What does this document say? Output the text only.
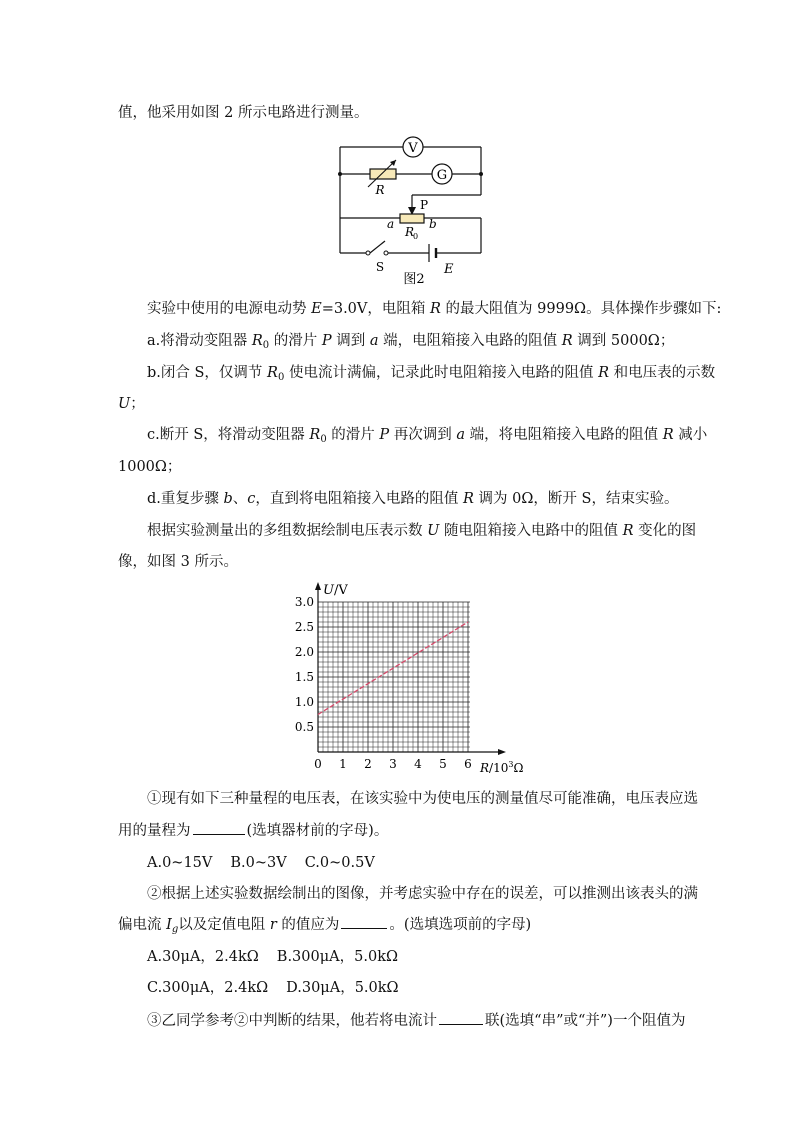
值，他采用如图 2 所示电路进行测量。
V
R
G
P
a	b
R
0
S	E
图2
实验中使用的电源电动势 E=3.0V，电阻箱 R 的最大阻值为 9999Ω。具体操作步骤如下:
a.将滑动变阻器 $R_0$ 的滑片 P 调到 a 端，电阻箱接入电路的阻值 R 调到 5000Ω；
b.闭合 S，仅调节 $R_0$ 使电流计满偏，记录此时电阻箱接入电路的阻值 R 和电压表的示数
U；
c.断开 S，将滑动变阻器 $R_0$ 的滑片 P 再次调到 a 端，将电阻箱接入电路的阻值 R 减小
1000Ω；
d.重复步骤 b、c，直到将电阻箱接入电路的阻值 R 调为 0Ω，断开 S，结束实验。
根据实验测量出的多组数据绘制电压表示数 U 随电阻箱接入电路中的阻值 R 变化的图
像，如图 3 所示。
0 1 2 3 4 5 6
0.5
1.0
1.5
2.0
2.5
3.0
U/V
$R/10^3\Omega$
①现有如下三种量程的电压表，在该实验中为使电压的测量值尽可能准确，电压表应选
用的量程为	(选填器材前的字母)。
A.0~15V B.0~3V C.0~0.5V
②根据上述实验数据绘制出的图像，并考虑实验中存在的误差，可以推测出该表头的满
偏电流 $I_g$以及定值电阻 r 的值应为	。(选填选项前的字母)
A.30μA，2.4kΩ B.300μA，5.0kΩ
C.300μA，2.4kΩ D.30μA，5.0kΩ
③乙同学参考②中判断的结果，他若将电流计	联(选填“串”或“并”)一个阻值为
